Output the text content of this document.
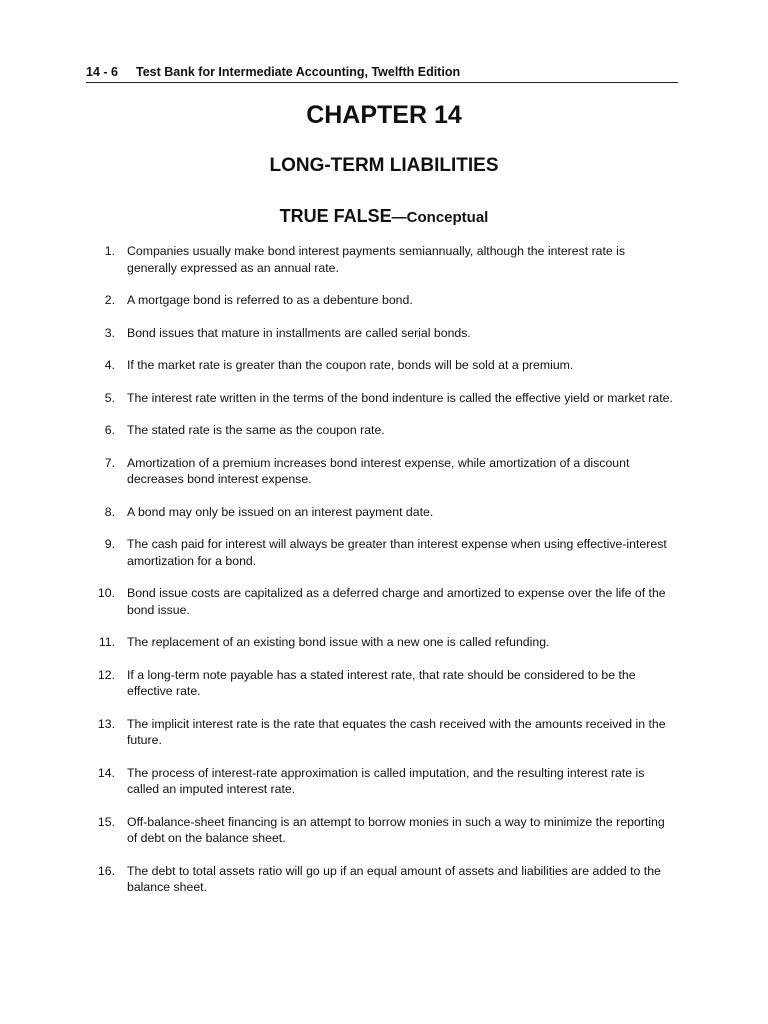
14 - 6 Test Bank for Intermediate Accounting, Twelfth Edition
CHAPTER 14
LONG-TERM LIABILITIES
TRUE FALSE—Conceptual
1. Companies usually make bond interest payments semiannually, although the interest rate is generally expressed as an annual rate.
2. A mortgage bond is referred to as a debenture bond.
3. Bond issues that mature in installments are called serial bonds.
4. If the market rate is greater than the coupon rate, bonds will be sold at a premium.
5. The interest rate written in the terms of the bond indenture is called the effective yield or market rate.
6. The stated rate is the same as the coupon rate.
7. Amortization of a premium increases bond interest expense, while amortization of a discount decreases bond interest expense.
8. A bond may only be issued on an interest payment date.
9. The cash paid for interest will always be greater than interest expense when using effective-interest amortization for a bond.
10. Bond issue costs are capitalized as a deferred charge and amortized to expense over the life of the bond issue.
11. The replacement of an existing bond issue with a new one is called refunding.
12. If a long-term note payable has a stated interest rate, that rate should be considered to be the effective rate.
13. The implicit interest rate is the rate that equates the cash received with the amounts received in the future.
14. The process of interest-rate approximation is called imputation, and the resulting interest rate is called an imputed interest rate.
15. Off-balance-sheet financing is an attempt to borrow monies in such a way to minimize the reporting of debt on the balance sheet.
16. The debt to total assets ratio will go up if an equal amount of assets and liabilities are added to the balance sheet.
